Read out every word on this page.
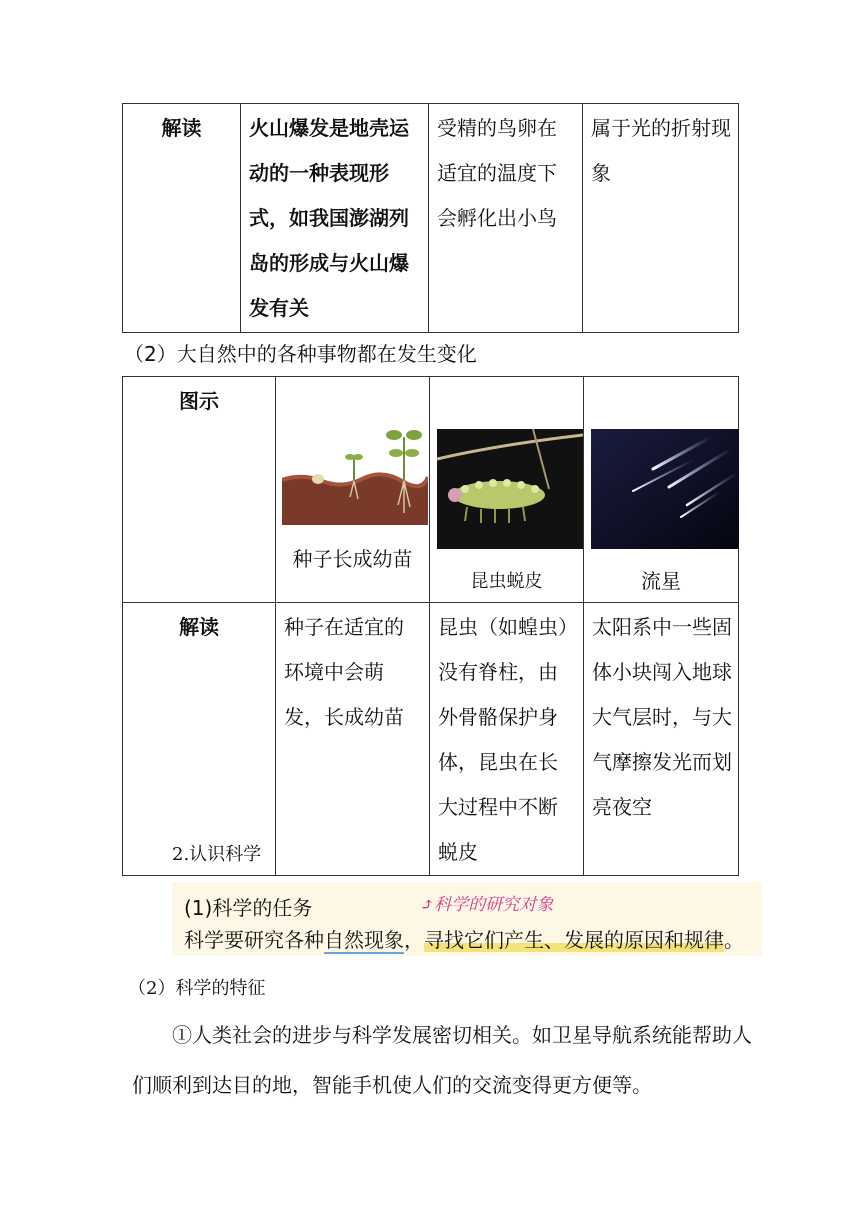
解读	火山爆发是地壳运动的一种表现形式，如我国澎湖列岛的形成与火山爆发有关	受精的鸟卵在适宜的温度下会孵化出小鸟	属于光的折射现象
（2）大自然中的各种事物都在发生变化
图示	种子长成幼苗	昆虫蜕皮	流星

解读	种子在适宜的环境中会萌发，长成幼苗	昆虫（如蝗虫）没有脊柱，由外骨骼保护身体，昆虫在长大过程中不断蜕皮	太阳系中一些固体小块闯入地球大气层时，与大气摩擦发光而划亮夜空
2.认识科学
(1)科学的任务	⤴科学的研究对象
科学要研究各种自然现象，寻找它们产生、发展的原因和规律。
（2）科学的特征
①人类社会的进步与科学发展密切相关。如卫星导航系统能帮助人们顺利到达目的地，智能手机使人们的交流变得更方便等。
